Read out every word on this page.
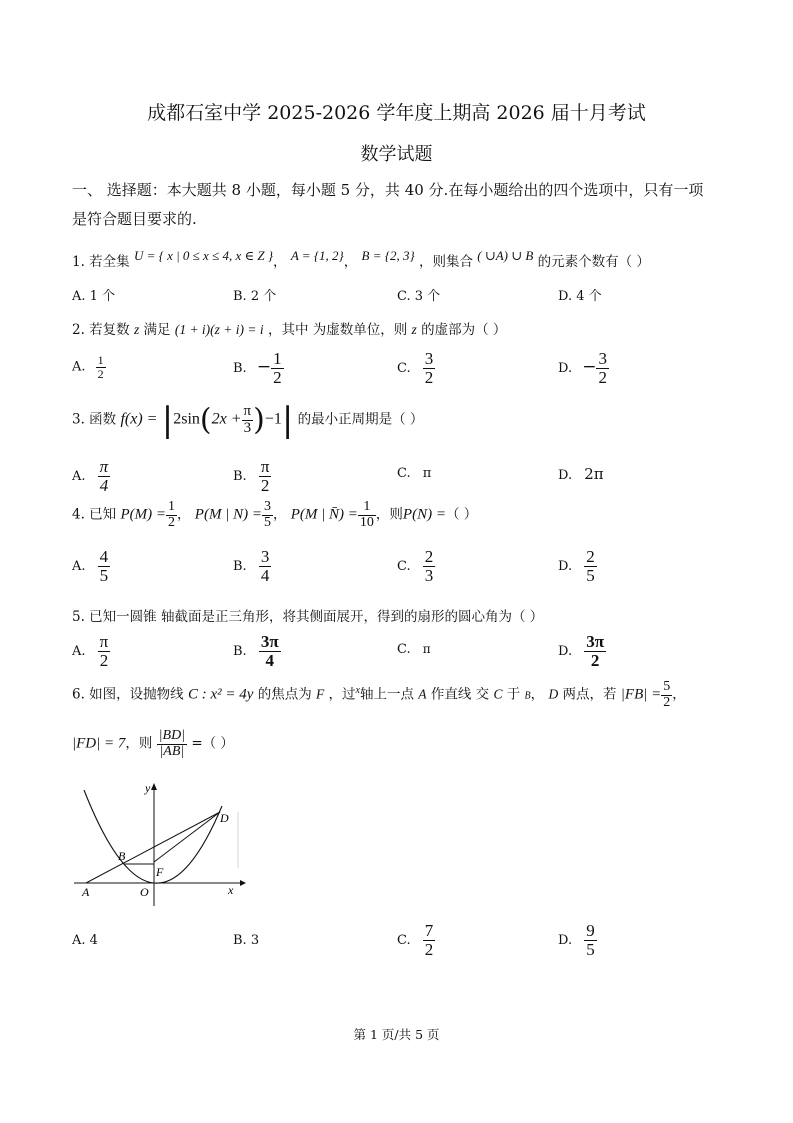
成都石室中学 2025-2026 学年度上期高 2026 届十月考试
数学试题
一、 选择题：本大题共 8 小题，每小题 5 分，共 40 分.在每小题给出的四个选项中，只有一项
是符合题目要求的.
1. 若全集 U = { x | 0 ≤ x ≤ 4, x ∈ Z }， A = {1, 2}， B = {2, 3} ，则集合 ( ∪A) ∪ B 的元素个数有（ ）
A. 1 个	B. 2 个	C. 3 个	D. 4 个
2. 若复数 z 满足 (1 + i)(z + i) = i ，其中 为虚数单位，则 z 的虚部为（ ）
A. $\frac{1}{2}$	B. − $\frac{1}{2}$	C. $\frac{3}{2}$	D. − $\frac{3}{2}$
3. 函数 $f(x) = |2\sin(2x + \frac{\pi}{3} )-1|$ 的最小正周期是（ ）
A. $\frac{\pi}{4}$	B. $\frac{\pi}{2}$	C. π	D. 2π
4. 已知 $P(M) = \frac{1}{2}$ ， P(M | $N) = \frac{3}{5}$ ， P(M | N̄) = $\frac{1}{10}$ ，则P(N) =（ ）
A. $\frac{4}{5}$	B. $\frac{3}{4}$	C. $\frac{2}{3}$	D. $\frac{2}{5}$
5. 已知一圆锥 轴截面是正三角形，将其侧面展开，得到的扇形的圆心角为（ ）
A. $\frac{\pi}{2}$	B. $\frac{3\pi}{4}$	C. π	D. $\frac{3\pi}{2}$
6. 如图，设抛物线 C : x² = 4y 的焦点为 F ，过$^x$轴上一点 A 作直线 交 C 于 B， D 两点，若 $|FB| = \frac{5}{2}$ ，
|FD| = 7，则 $\frac{|BD|}{|AB|}$ =（ ）
y
x
O
A
B
D
F
A. 4	B. 3	C. $\frac{7}{2}$	D. $\frac{9}{5}$
第 1 页/共 5 页
